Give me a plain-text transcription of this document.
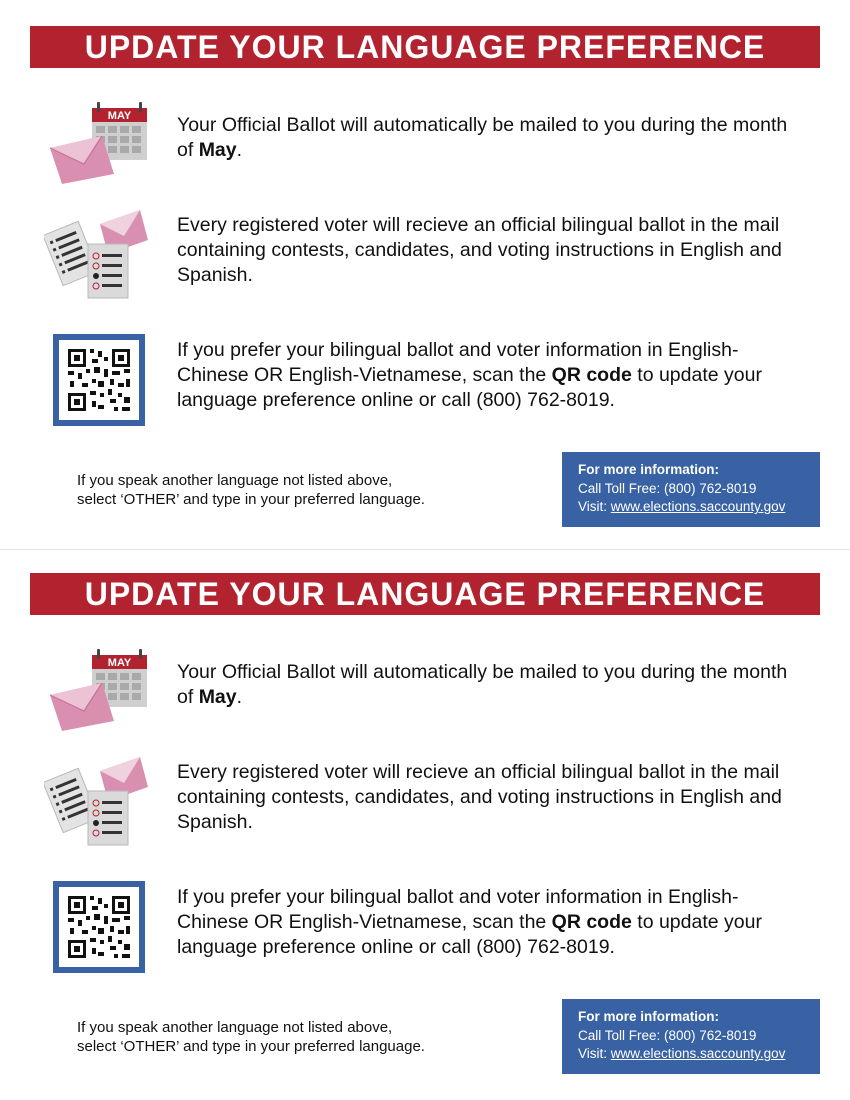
UPDATE YOUR LANGUAGE PREFERENCE
MAY Your Official Ballot will automatically be mailed to you during the month of May.
Every registered voter will recieve an official bilingual ballot in the mail containing contests, candidates, and voting instructions in English and Spanish.
If you prefer your bilingual ballot and voter information in English-Chinese OR English-Vietnamese, scan the QR code to update your language preference online or call (800) 762-8019.
If you speak another language not listed above,
select ‘OTHER’ and type in your preferred language.
For more information:
Call Toll Free: (800) 762-8019
Visit: www.elections.saccounty.gov
UPDATE YOUR LANGUAGE PREFERENCE
MAY Your Official Ballot will automatically be mailed to you during the month of May.
Every registered voter will recieve an official bilingual ballot in the mail containing contests, candidates, and voting instructions in English and Spanish.
If you prefer your bilingual ballot and voter information in English-Chinese OR English-Vietnamese, scan the QR code to update your language preference online or call (800) 762-8019.
If you speak another language not listed above,
select ‘OTHER’ and type in your preferred language.
For more information:
Call Toll Free: (800) 762-8019
Visit: www.elections.saccounty.gov
